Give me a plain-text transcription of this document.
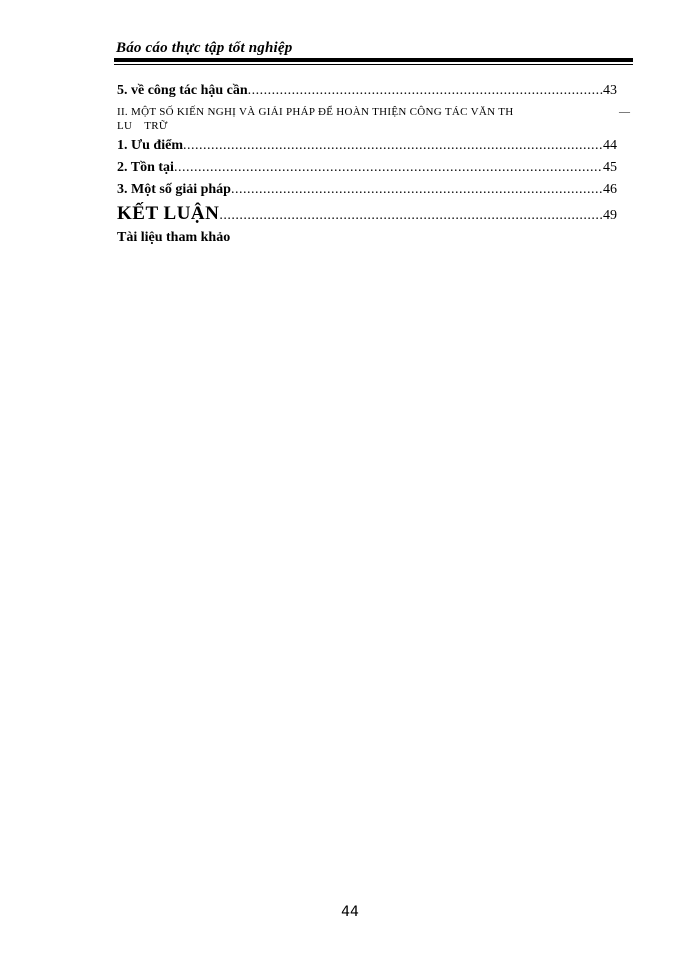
Báo cáo thực tập tốt nghiệp
5. về công tác hậu cần .....	43
II. MỘT SỐ KIẾN NGHỊ VÀ GIẢI PHÁP ĐỂ HOÀN THIỆN CÔNG TÁC VĂN TH	—

LU    TRỮ
1. Ưu điểm .....	44
2. Tồn tại .....	45
3. Một số giải pháp .....	46
KẾT LUẬN .....	49
Tài liệu tham khảo
44
